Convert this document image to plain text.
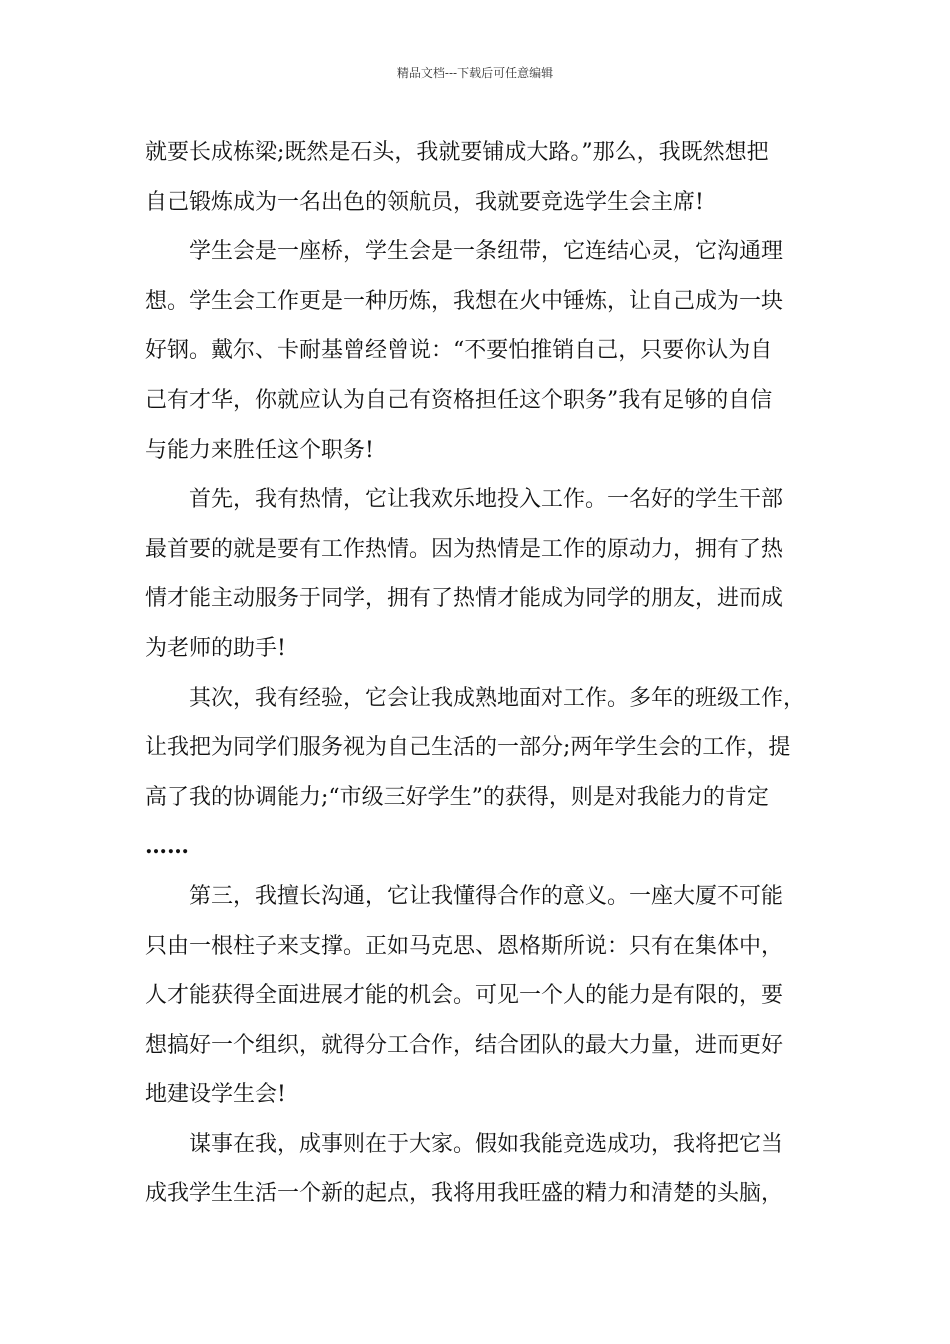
精品文档---下载后可任意编辑
就要长成栋梁;既然是石头，我就要铺成大路。”那么，我既然想把
自己锻炼成为一名出色的领航员，我就要竞选学生会主席!
学生会是一座桥，学生会是一条纽带，它连结心灵，它沟通理
想。学生会工作更是一种历炼，我想在火中锤炼，让自己成为一块
好钢。戴尔、卡耐基曾经曾说：“不要怕推销自己，只要你认为自
己有才华，你就应认为自己有资格担任这个职务”我有足够的自信
与能力来胜任这个职务!
首先，我有热情，它让我欢乐地投入工作。一名好的学生干部
最首要的就是要有工作热情。因为热情是工作的原动力，拥有了热
情才能主动服务于同学，拥有了热情才能成为同学的朋友，进而成
为老师的助手!
其次，我有经验，它会让我成熟地面对工作。多年的班级工作，
让我把为同学们服务视为自己生活的一部分;两年学生会的工作，提
高了我的协调能力;“市级三好学生”的获得，则是对我能力的肯定
……
第三，我擅长沟通，它让我懂得合作的意义。一座大厦不可能
只由一根柱子来支撑。正如马克思、恩格斯所说：只有在集体中，
人才能获得全面进展才能的机会。可见一个人的能力是有限的，要
想搞好一个组织，就得分工合作，结合团队的最大力量，进而更好
地建设学生会!
谋事在我，成事则在于大家。假如我能竞选成功，我将把它当
成我学生生活一个新的起点，我将用我旺盛的精力和清楚的头脑，
